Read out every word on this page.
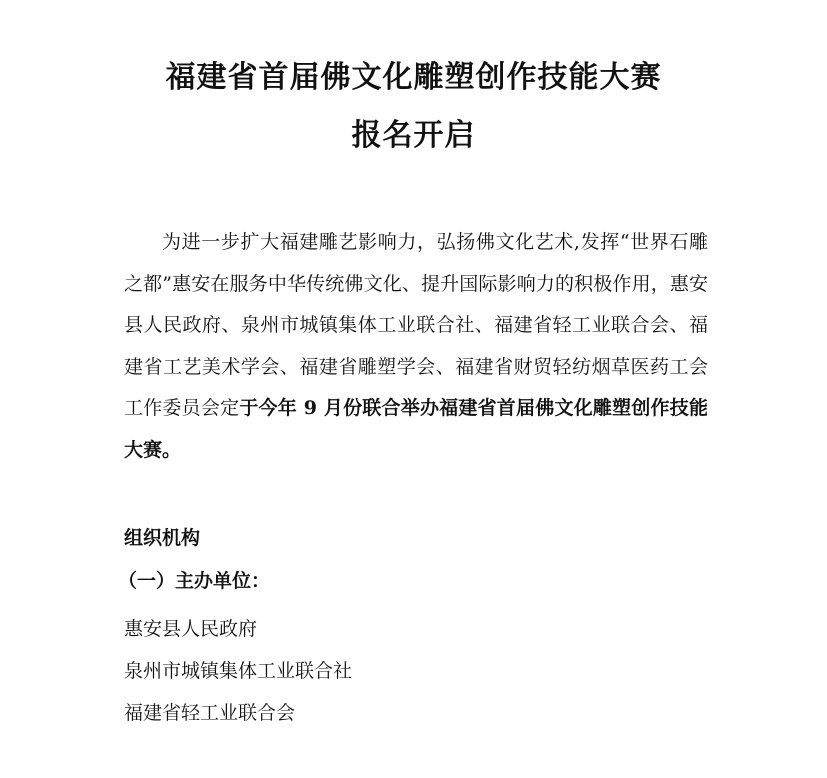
福建省首届佛文化雕塑创作技能大赛
报名开启

为进一步扩大福建雕艺影响力，弘扬佛文化艺术,发挥“世界石雕之都”惠安在服务中华传统佛文化、提升国际影响力的积极作用，惠安县人民政府、泉州市城镇集体工业联合社、福建省轻工业联合会、福建省工艺美术学会、福建省雕塑学会、福建省财贸轻纺烟草医药工会工作委员会定于今年 9 月份联合举办福建省首届佛文化雕塑创作技能大赛。

组织机构
（一）主办单位：
惠安县人民政府
泉州市城镇集体工业联合社
福建省轻工业联合会
